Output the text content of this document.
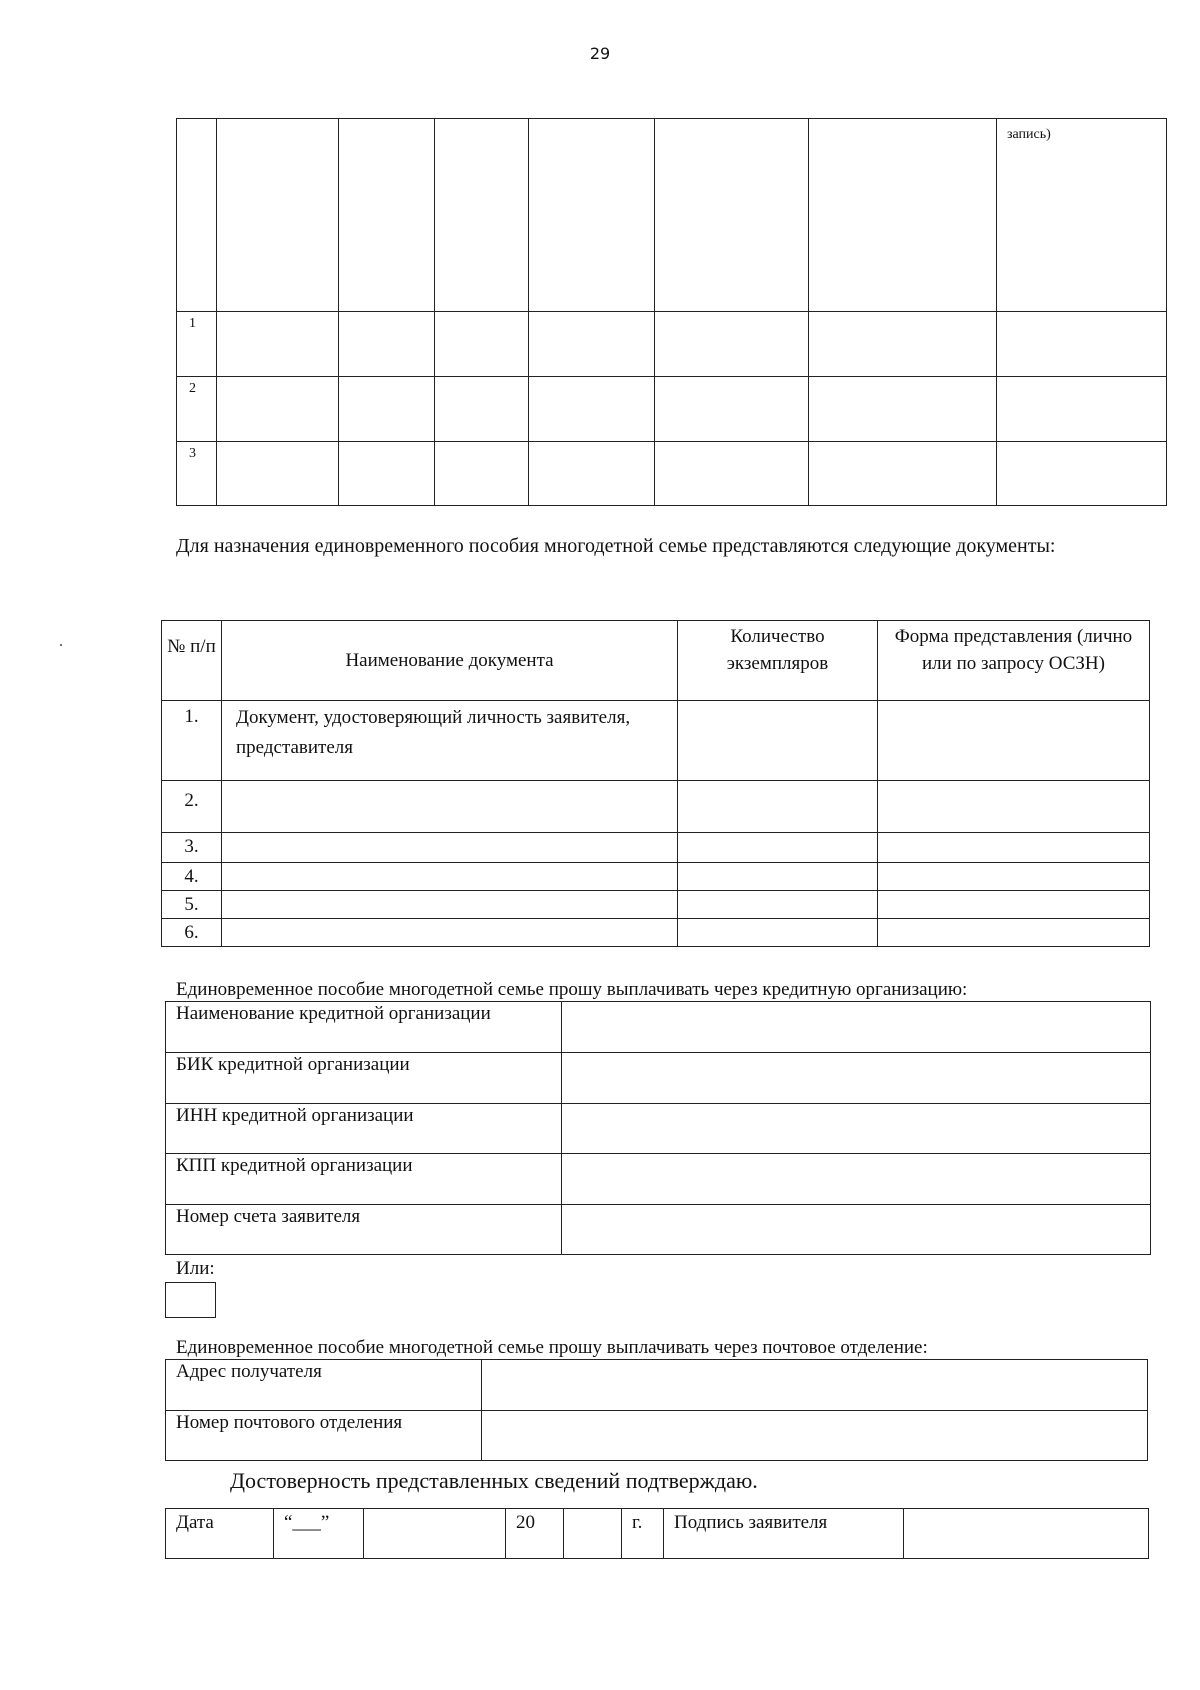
29
							запись)
1							
2							
3							
Для назначения единовременного пособия многодетной семье представляются следующие документы:
№ п/п	Наименование документа	Количество экземпляров	Форма представления (лично или по запросу ОСЗН)
1.	Документ, удостоверяющий личность заявителя, представителя		
2.			
3.			
4.			
5.			
6.			
Единовременное пособие многодетной семье прошу выплачивать через кредитную организацию:
Наименование кредитной организации	
БИК кредитной организации	
ИНН кредитной организации	
КПП кредитной организации	
Номер счета заявителя	
Или:
Единовременное пособие многодетной семье прошу выплачивать через почтовое отделение:
Адрес получателя	
Номер почтового отделения	
Достоверность представленных сведений подтверждаю.
Дата	“___”		20		г.	Подпись заявителя	
